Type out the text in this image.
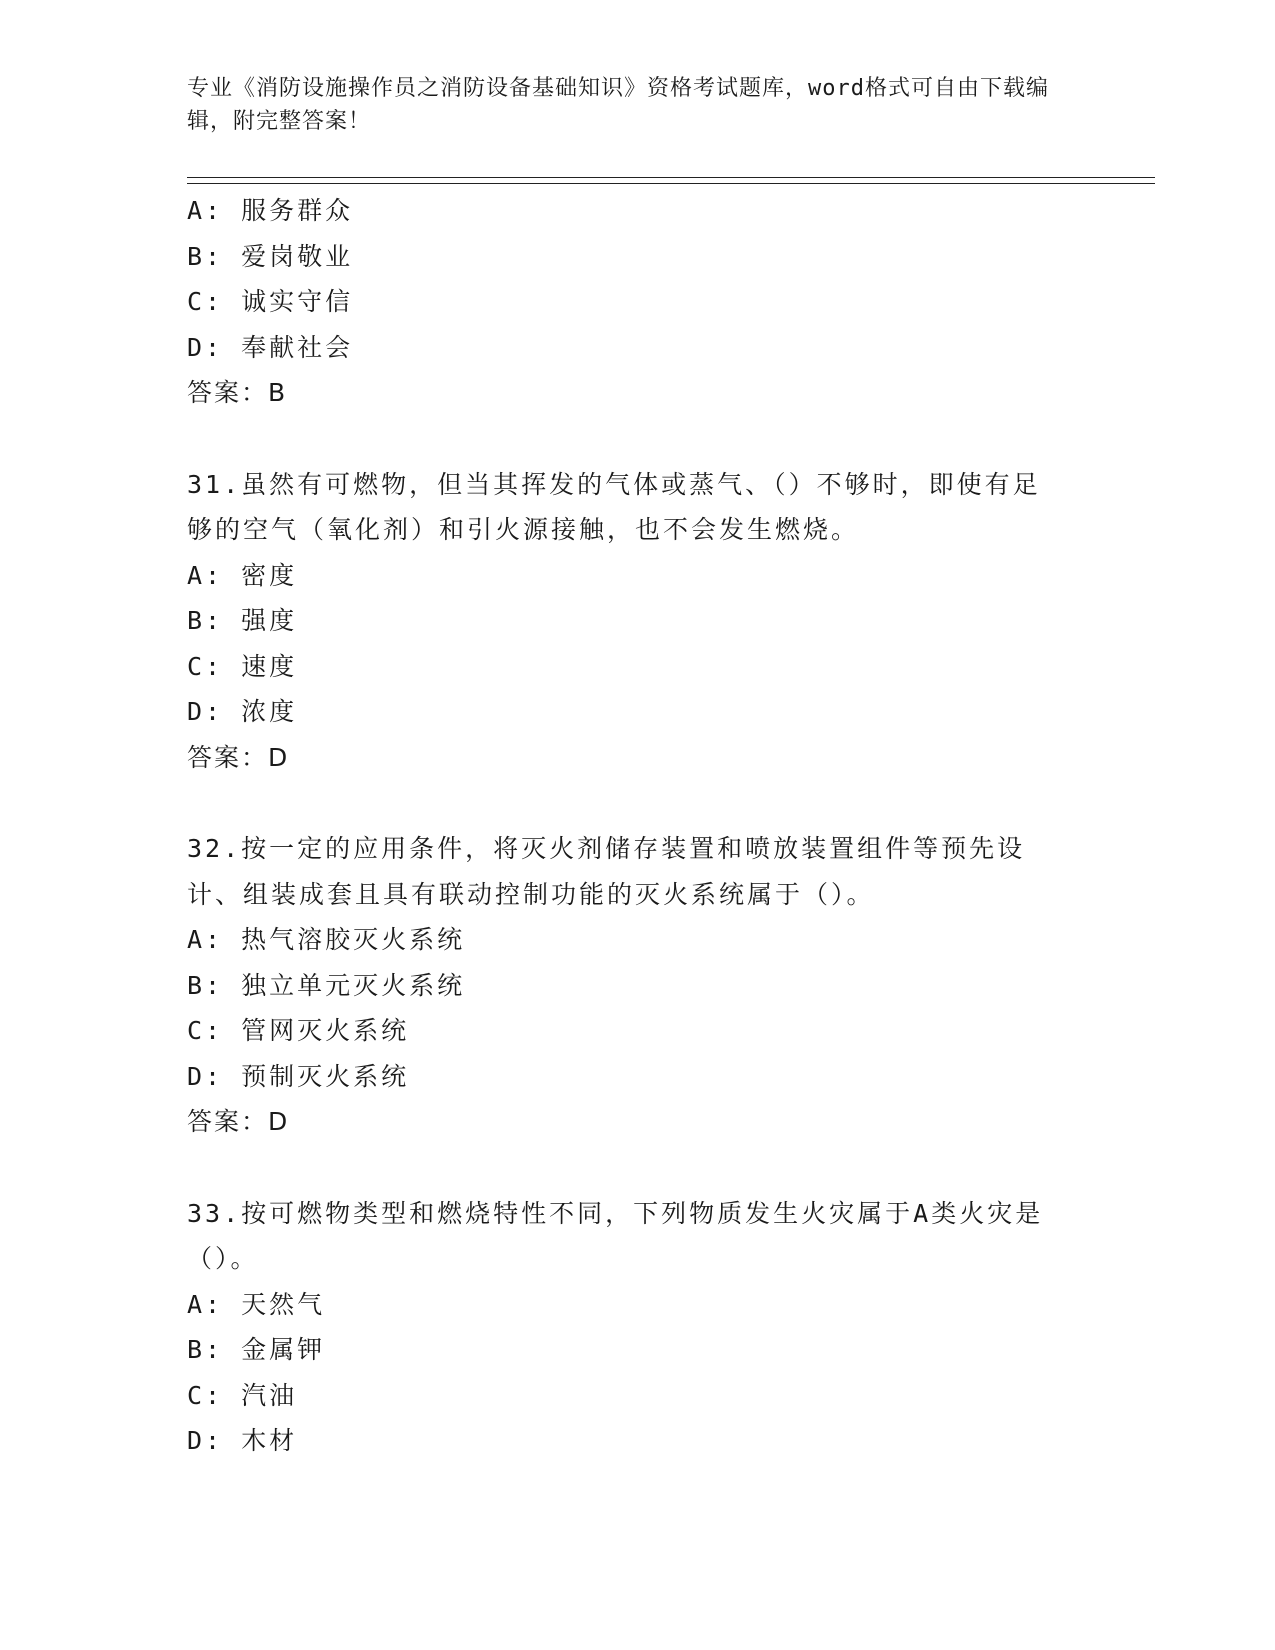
专业《消防设施操作员之消防设备基础知识》资格考试题库，word格式可自由下载编辑，附完整答案！
A: 服务群众
B: 爱岗敬业
C: 诚实守信
D: 奉献社会
答案：B
31.虽然有可燃物，但当其挥发的气体或蒸气、（）不够时，即使有足够的空气（氧化剂）和引火源接触，也不会发生燃烧。
A: 密度
B: 强度
C: 速度
D: 浓度
答案：D
32.按一定的应用条件，将灭火剂储存装置和喷放装置组件等预先设计、组装成套且具有联动控制功能的灭火系统属于（）。
A: 热气溶胶灭火系统
B: 独立单元灭火系统
C: 管网灭火系统
D: 预制灭火系统
答案：D
33.按可燃物类型和燃烧特性不同，下列物质发生火灾属于A类火灾是（）。
A: 天然气
B: 金属钾
C: 汽油
D: 木材
